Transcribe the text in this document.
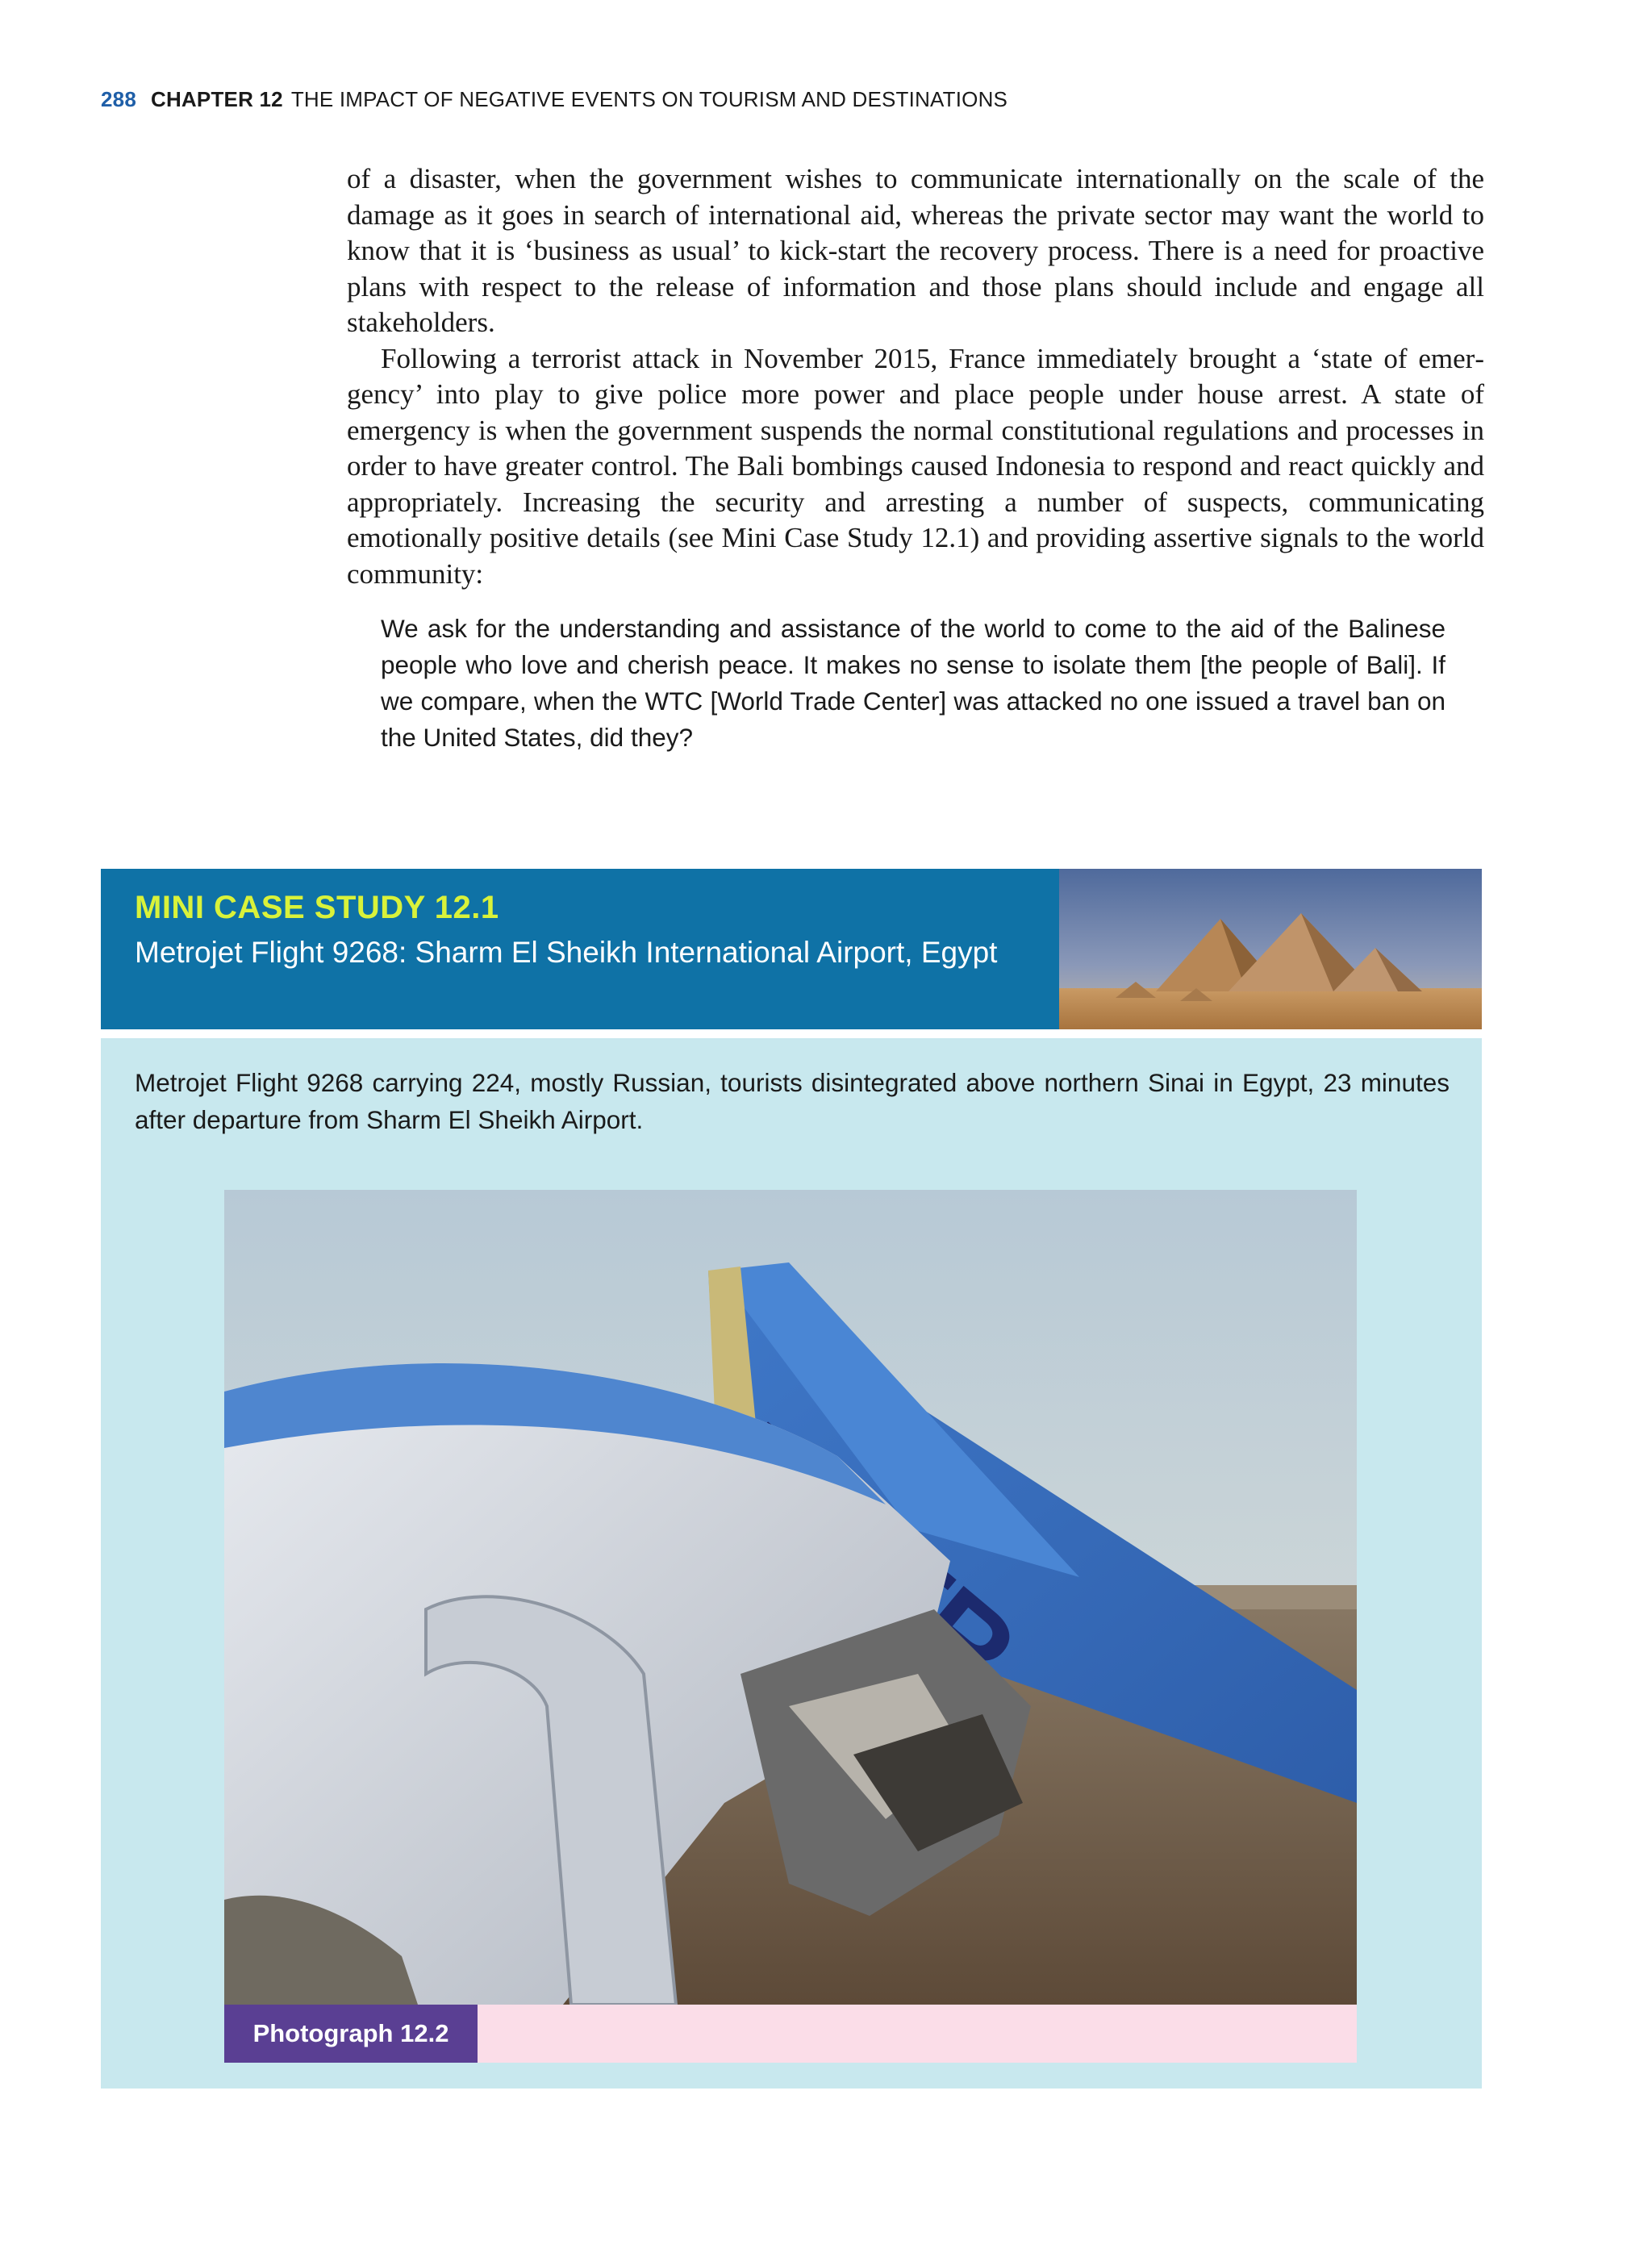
288 CHAPTER 12 THE IMPACT OF NEGATIVE EVENTS ON TOURISM AND DESTINATIONS

of a disaster, when the government wishes to communicate internationally on the scale of the damage as it goes in search of international aid, whereas the private sector may want the world to know that it is ‘business as usual’ to kick-start the recovery process. There is a need for proactive plans with respect to the release of information and those plans should include and engage all stakeholders.

Following a terrorist attack in November 2015, France immediately brought a ‘state of emergency’ into play to give police more power and place people under house arrest. A state of emergency is when the government suspends the normal constitutional regulations and processes in order to have greater control. The Bali bombings caused Indonesia to respond and react quickly and appropriately. Increasing the security and arresting a number of suspects, communicating emotionally positive details (see Mini Case Study 12.1) and providing assertive signals to the world community:

We ask for the understanding and assistance of the world to come to the aid of the Balinese people who love and cherish peace. It makes no sense to isolate them [the people of Bali]. If we compare, when the WTC [World Trade Center] was attacked no one issued a travel ban on the United States, did they?
MINI CASE STUDY 12.1
Metrojet Flight 9268: Sharm El Sheikh International Airport, Egypt
Metrojet Flight 9268 carrying 224, mostly Russian, tourists disintegrated above northern Sinai in Egypt, 23 minutes after departure from Sharm El Sheikh Airport.
Photograph 12.2
